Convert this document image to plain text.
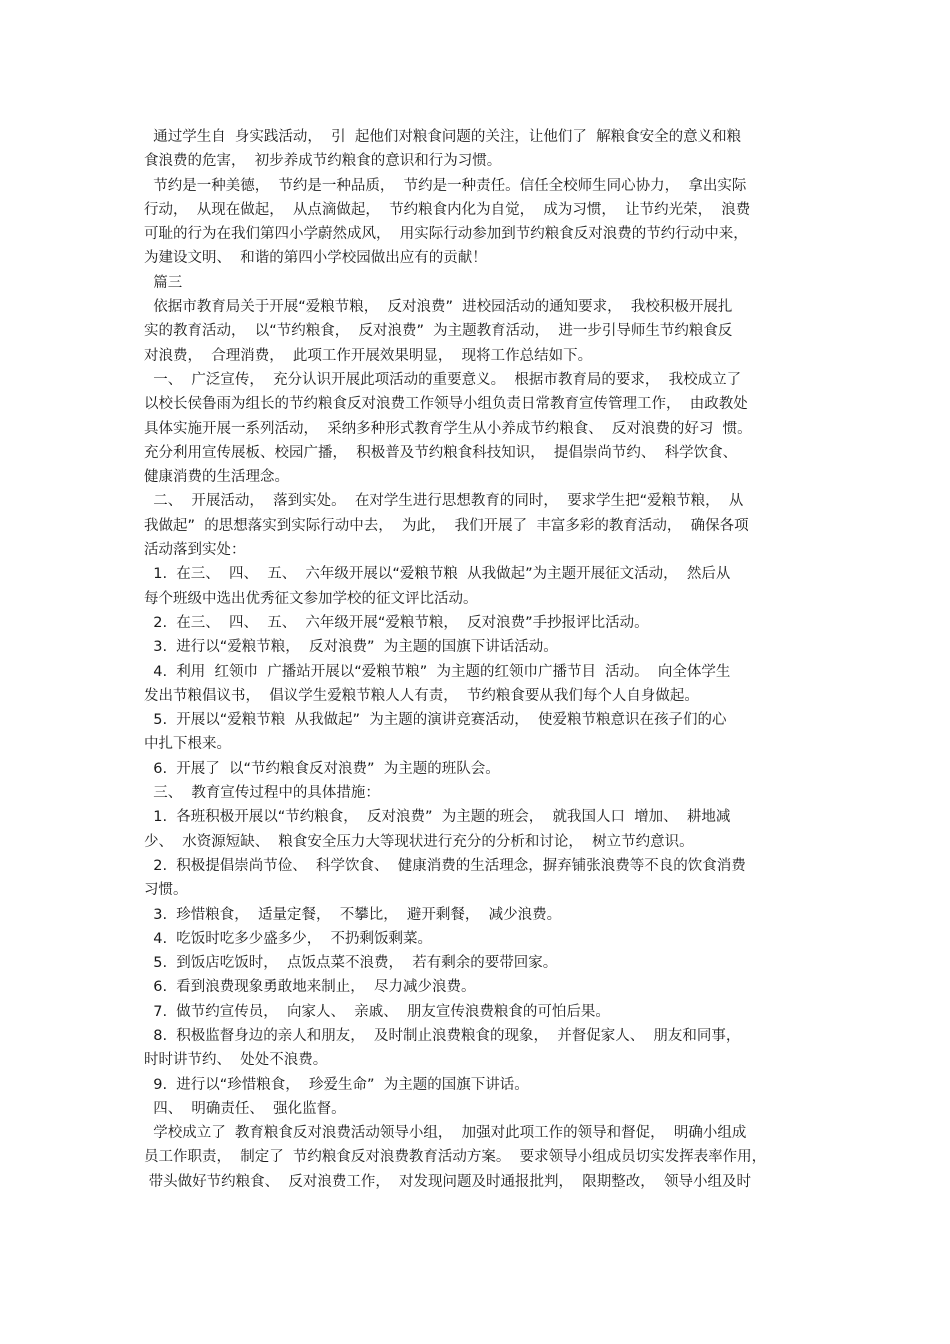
通过学生自  身实践活动，  引  起他们对粮食问题的关注，让他们了  解粮食安全的意义和粮
食浪费的危害，  初步养成节约粮食的意识和行为习惯。
节约是一种美德，  节约是一种品质，  节约是一种责任。信任全校师生同心协力，  拿出实际
行动，  从现在做起，  从点滴做起，  节约粮食内化为自觉，  成为习惯，  让节约光荣，  浪费
可耻的行为在我们第四小学蔚然成风，  用实际行动参加到节约粮食反对浪费的节约行动中来，
为建设文明、  和谐的第四小学校园做出应有的贡献！
篇三
依据市教育局关于开展“爱粮节粮，  反对浪费”  进校园活动的通知要求，  我校积极开展扎
实的教育活动，  以“节约粮食，  反对浪费”  为主题教育活动，  进一步引导师生节约粮食反
对浪费，  合理消费，  此项工作开展效果明显，  现将工作总结如下。
一、  广泛宣传，  充分认识开展此项活动的重要意义。  根据市教育局的要求，  我校成立了
以校长侯鲁雨为组长的节约粮食反对浪费工作领导小组负责日常教育宣传管理工作，  由政教处
具体实施开展一系列活动，  采纳多种形式教育学生从小养成节约粮食、  反对浪费的好习  惯。
充分利用宣传展板、校园广播，  积极普及节约粮食科技知识，  提倡崇尚节约、  科学饮食、
健康消费的生活理念。
二、  开展活动，  落到实处。  在对学生进行思想教育的同时，  要求学生把“爱粮节粮，  从
我做起”  的思想落实到实际行动中去，  为此，  我们开展了  丰富多彩的教育活动，  确保各项
活动落到实处：
1.  在三、  四、  五、  六年级开展以“爱粮节粮  从我做起”为主题开展征文活动，  然后从
每个班级中选出优秀征文参加学校的征文评比活动。
2.  在三、  四、  五、  六年级开展“爱粮节粮，  反对浪费”手抄报评比活动。
3.  进行以“爱粮节粮，  反对浪费”  为主题的国旗下讲话活动。
4.  利用  红领巾  广播站开展以“爱粮节粮”  为主题的红领巾广播节目  活动。  向全体学生
发出节粮倡议书，  倡议学生爱粮节粮人人有责，  节约粮食要从我们每个人自身做起。
5.  开展以“爱粮节粮  从我做起”  为主题的演讲竞赛活动，  使爱粮节粮意识在孩子们的心
中扎下根来。
6.  开展了  以“节约粮食反对浪费”  为主题的班队会。
三、  教育宣传过程中的具体措施：
1.  各班积极开展以“节约粮食，  反对浪费”  为主题的班会，  就我国人口  增加、  耕地减
少、  水资源短缺、  粮食安全压力大等现状进行充分的分析和讨论，  树立节约意识。
2.  积极提倡崇尚节俭、  科学饮食、  健康消费的生活理念，摒弃铺张浪费等不良的饮食消费
习惯。
3.  珍惜粮食，  适量定餐，  不攀比，  避开剩餐，  减少浪费。
4.  吃饭时吃多少盛多少，  不扔剩饭剩菜。
5.  到饭店吃饭时，  点饭点菜不浪费，  若有剩余的要带回家。
6.  看到浪费现象勇敢地来制止，  尽力减少浪费。
7.  做节约宣传员，  向家人、  亲戚、  朋友宣传浪费粮食的可怕后果。
8.  积极监督身边的亲人和朋友，  及时制止浪费粮食的现象，  并督促家人、  朋友和同事，
时时讲节约、  处处不浪费。
9.  进行以“珍惜粮食，  珍爱生命”  为主题的国旗下讲话。
四、  明确责任、  强化监督。
学校成立了  教育粮食反对浪费活动领导小组，  加强对此项工作的领导和督促，  明确小组成
员工作职责，  制定了  节约粮食反对浪费教育活动方案。  要求领导小组成员切实发挥表率作用，
带头做好节约粮食、  反对浪费工作，  对发现问题及时通报批判，  限期整改，  领导小组及时
